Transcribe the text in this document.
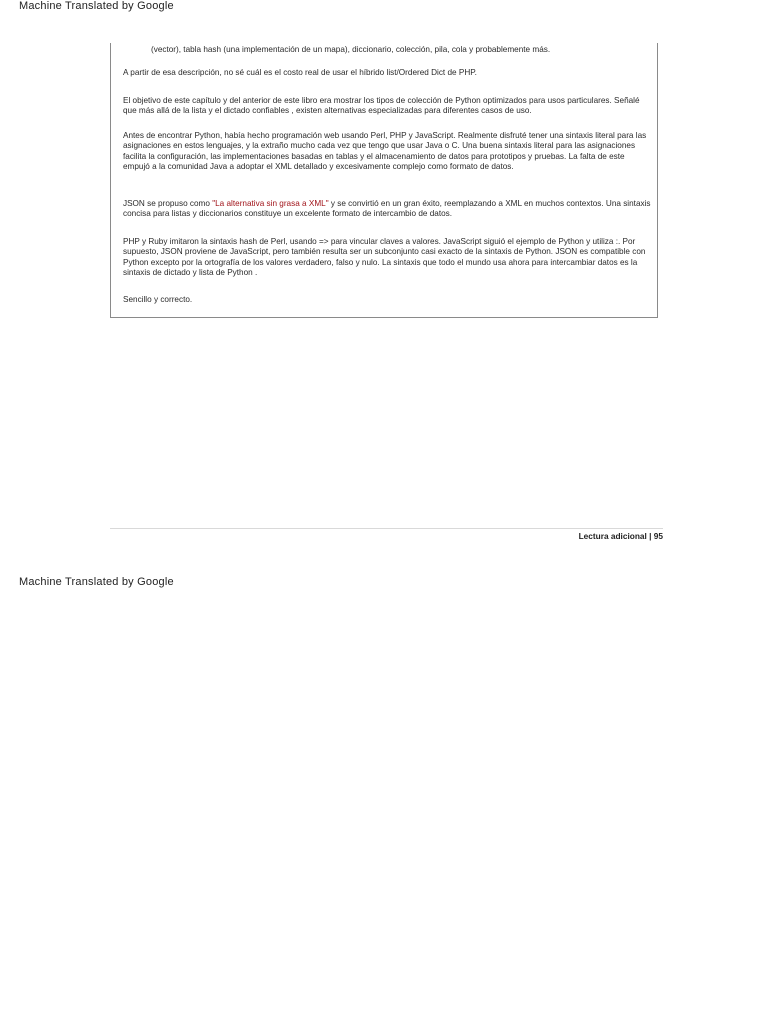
Machine Translated by Google

(vector), tabla hash (una implementación de un mapa), diccionario, colección, pila, cola y probablemente más.

A partir de esa descripción, no sé cuál es el costo real de usar el híbrido list/Ordered Dict de PHP.

El objetivo de este capítulo y del anterior de este libro era mostrar los tipos de colección de Python optimizados para usos particulares. Señalé que más allá de la lista y el dictado confiables , existen alternativas especializadas para diferentes casos de uso.

Antes de encontrar Python, había hecho programación web usando Perl, PHP y JavaScript. Realmente disfruté tener una sintaxis literal para las asignaciones en estos lenguajes, y la extraño mucho cada vez que tengo que usar Java o C. Una buena sintaxis literal para las asignaciones facilita la configuración, las implementaciones basadas en tablas y el almacenamiento de datos para prototipos y pruebas. La falta de este empujó a la comunidad Java a adoptar el XML detallado y excesivamente complejo como formato de datos.

JSON se propuso como "La alternativa sin grasa a XML" y se convirtió en un gran éxito, reemplazando a XML en muchos contextos. Una sintaxis concisa para listas y diccionarios constituye un excelente formato de intercambio de datos.

PHP y Ruby imitaron la sintaxis hash de Perl, usando => para vincular claves a valores. JavaScript siguió el ejemplo de Python y utiliza :. Por supuesto, JSON proviene de JavaScript, pero también resulta ser un subconjunto casi exacto de la sintaxis de Python. JSON es compatible con Python excepto por la ortografía de los valores verdadero, falso y nulo. La sintaxis que todo el mundo usa ahora para intercambiar datos es la sintaxis de dictado y lista de Python .

Sencillo y correcto.

Lectura adicional | 95
Machine Translated by Google
